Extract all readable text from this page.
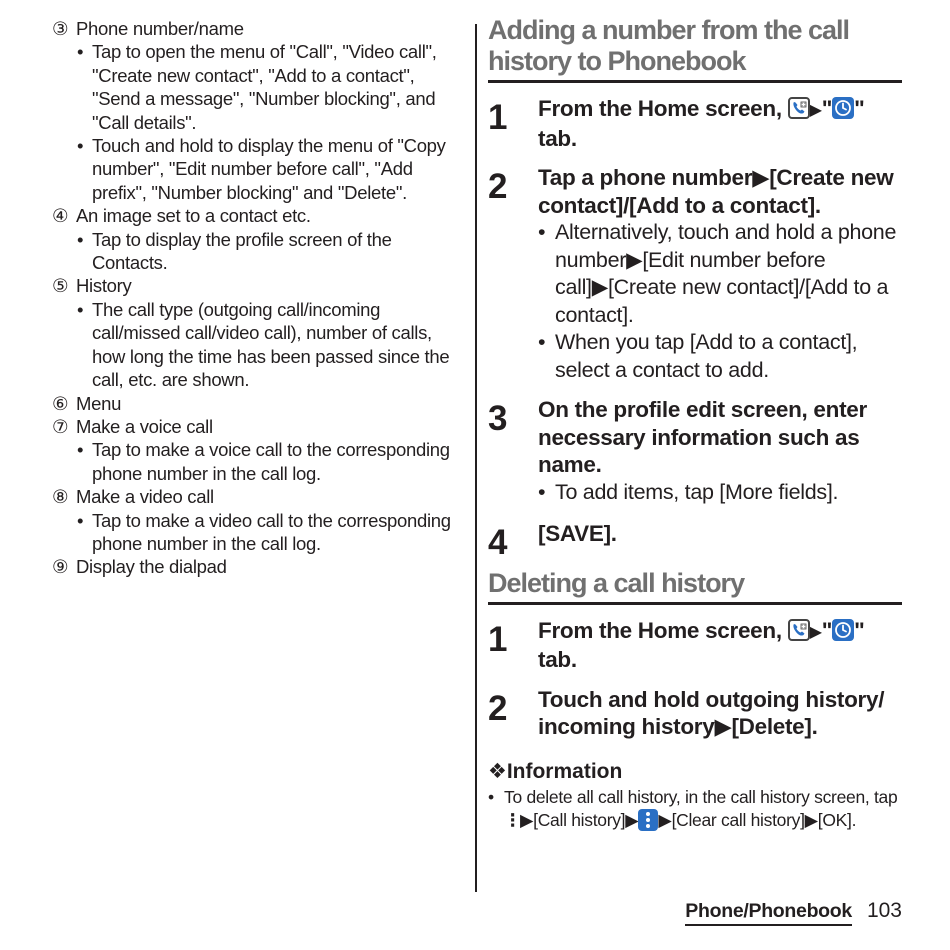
③ Phone number/name
• Tap to open the menu of "Call", "Video call", "Create new contact", "Add to a contact", "Send a message", "Number blocking", and "Call details".
• Touch and hold to display the menu of "Copy number", "Edit number before call", "Add prefix", "Number blocking" and "Delete".
④ An image set to a contact etc.
• Tap to display the profile screen of the Contacts.
⑤ History
• The call type (outgoing call/incoming call/missed call/video call), number of calls, how long the time has been passed since the call, etc. are shown.
⑥ Menu
⑦ Make a voice call
• Tap to make a voice call to the corresponding phone number in the call log.
⑧ Make a video call
• Tap to make a video call to the corresponding phone number in the call log.
⑨ Display the dialpad
Adding a number from the call history to Phonebook
1 From the Home screen,
▶" "
tab.
2 Tap a phone number▶[Create new contact]/[Add to a contact].
• Alternatively, touch and hold a phone number▶[Edit number before call]▶[Create new contact]/[Add to a contact].
• When you tap [Add to a contact], select a contact to add.
3 On the profile edit screen, enter necessary information such as name.
• To add items, tap [More fields].
4 [SAVE].
Deleting a call history
1 From the Home screen,
▶" "
tab.
2 Touch and hold outgoing history/ incoming history▶[Delete].
❖Information
• To delete all call history, in the call history screen, tap
⋮▶[Call history]▶ ▶[Clear call history]▶[OK].
Phone/Phonebook 103
